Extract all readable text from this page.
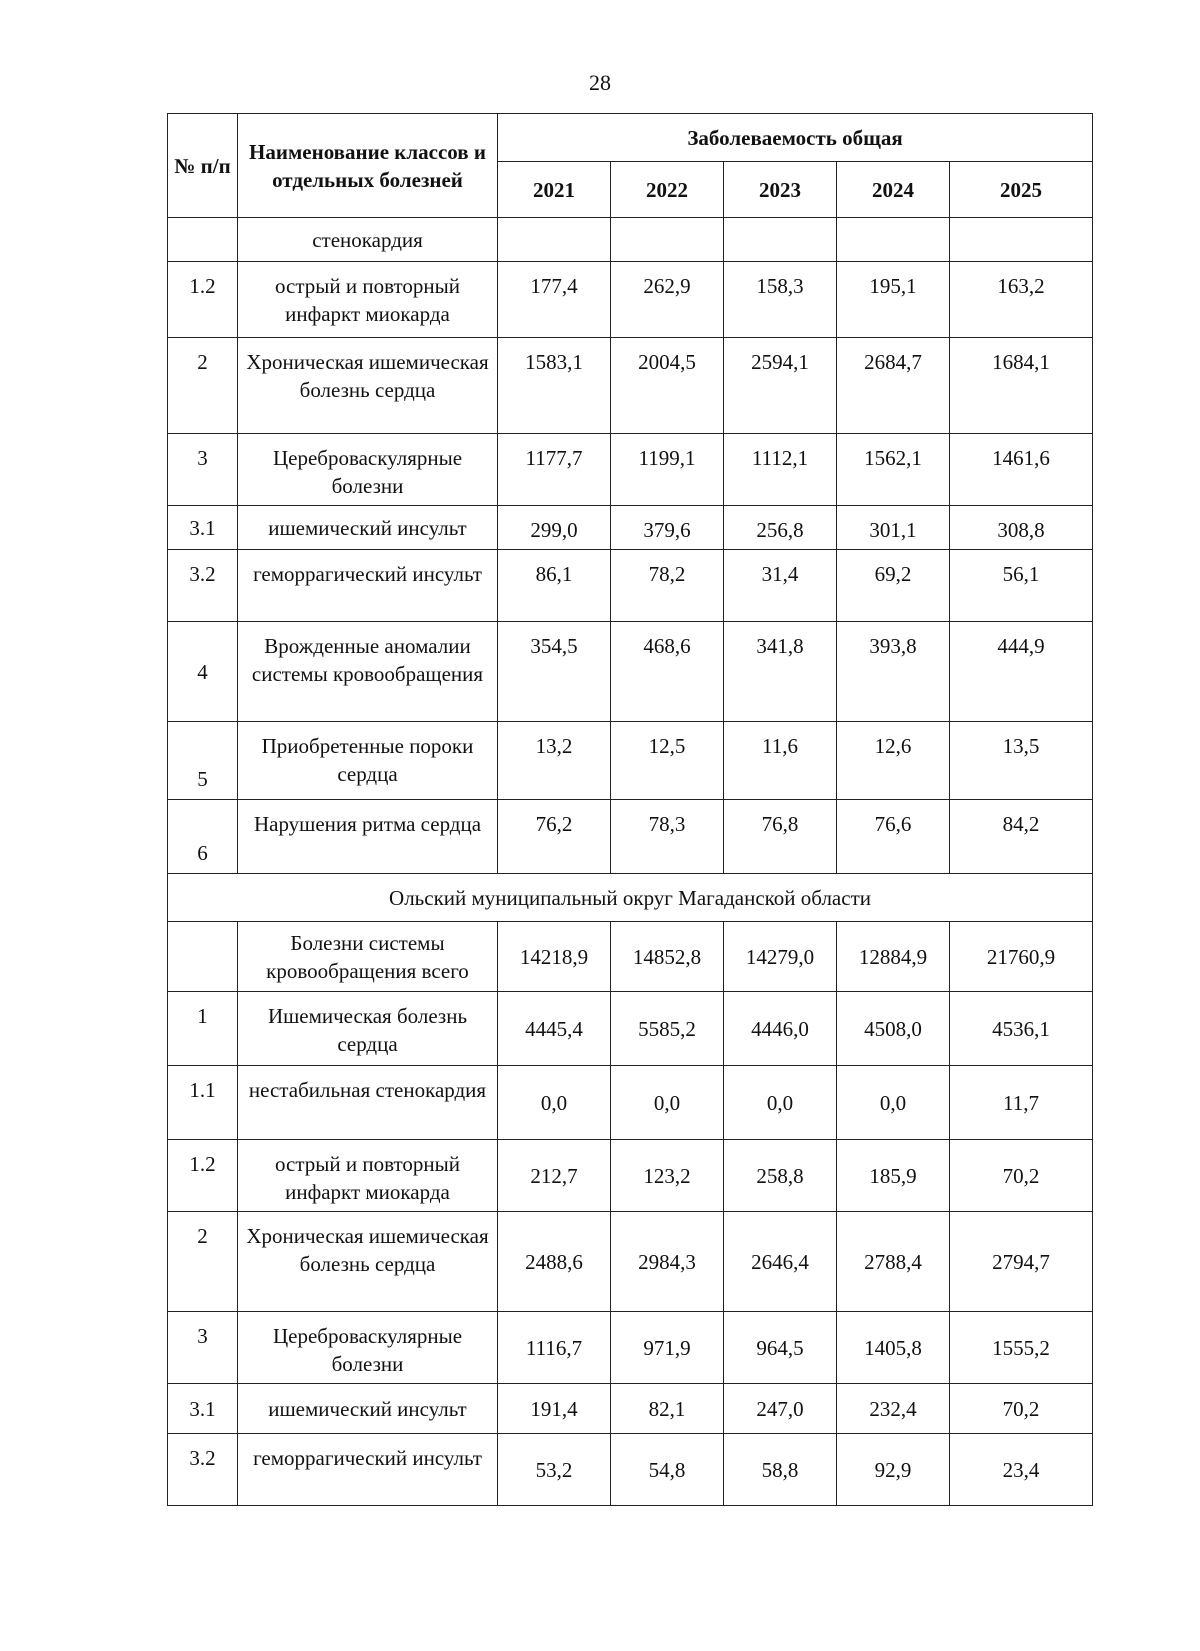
28
№ п/п	Наименование классов и отдельных болезней	Заболеваемость общая				
		2021	2022	2023	2024	2025
	стенокардия					
1.2	острый и повторный инфаркт миокарда	177,4	262,9	158,3	195,1	163,2
2	Хроническая ишемическая болезнь сердца	1583,1	2004,5	2594,1	2684,7	1684,1
3	Цереброваскулярные болезни	1177,7	1199,1	1112,1	1562,1	1461,6
3.1	ишемический инсульт	299,0	379,6	256,8	301,1	308,8
3.2	геморрагический инсульт	86,1	78,2	31,4	69,2	56,1
4	Врожденные аномалии системы кровообращения	354,5	468,6	341,8	393,8	444,9
5	Приобретенные пороки сердца	13,2	12,5	11,6	12,6	13,5
6	Нарушения ритма сердца	76,2	78,3	76,8	76,6	84,2
Ольский муниципальный округ Магаданской области						
	Болезни системы кровообращения всего	14218,9	14852,8	14279,0	12884,9	21760,9
1	Ишемическая болезнь сердца	4445,4	5585,2	4446,0	4508,0	4536,1
1.1	нестабильная стенокардия	0,0	0,0	0,0	0,0	11,7
1.2	острый и повторный инфаркт миокарда	212,7	123,2	258,8	185,9	70,2
2	Хроническая ишемическая болезнь сердца	2488,6	2984,3	2646,4	2788,4	2794,7
3	Цереброваскулярные болезни	1116,7	971,9	964,5	1405,8	1555,2
3.1	ишемический инсульт	191,4	82,1	247,0	232,4	70,2
3.2	геморрагический инсульт	53,2	54,8	58,8	92,9	23,4
